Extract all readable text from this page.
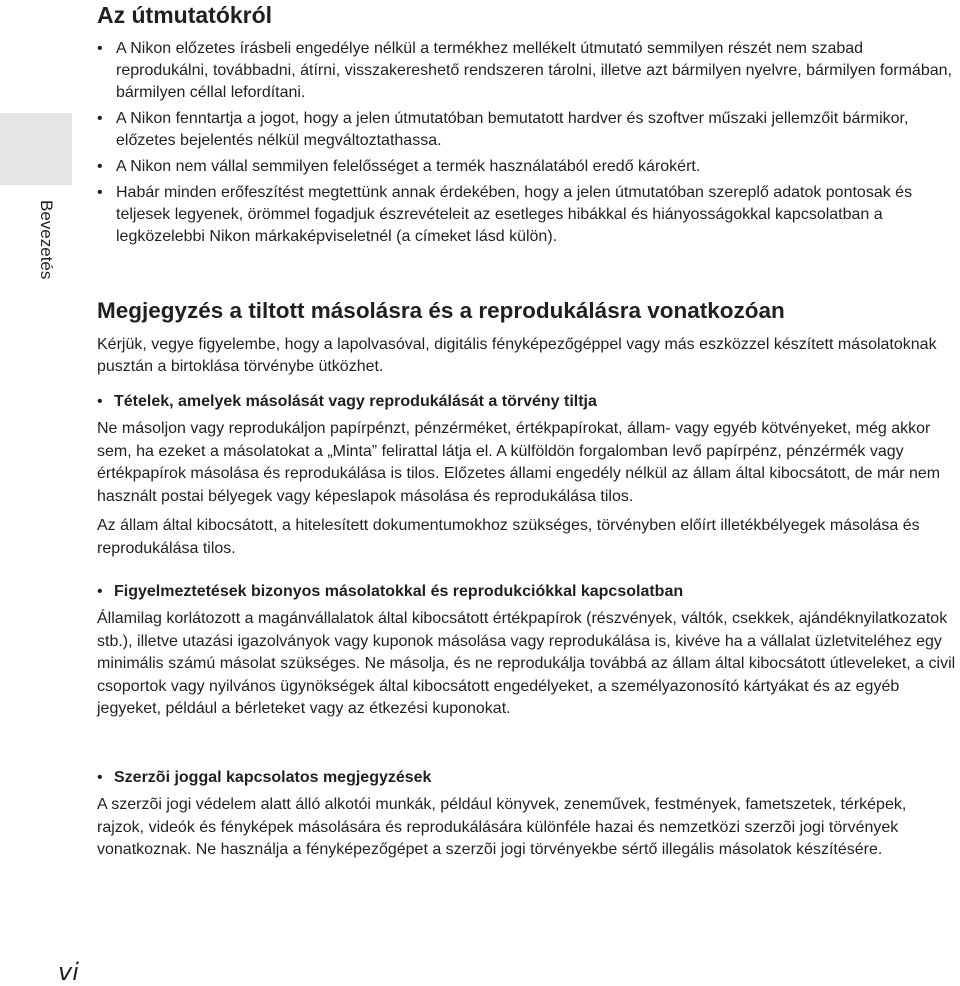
Bevezetés
Az útmutatókról
• A Nikon előzetes írásbeli engedélye nélkül a termékhez mellékelt útmutató semmilyen részét nem szabad reprodukálni, továbbadni, átírni, visszakereshető rendszeren tárolni, illetve azt bármilyen nyelvre, bármilyen formában, bármilyen céllal lefordítani.
• A Nikon fenntartja a jogot, hogy a jelen útmutatóban bemutatott hardver és szoftver műszaki jellemzőit bármikor, előzetes bejelentés nélkül megváltoztathassa.
• A Nikon nem vállal semmilyen felelősséget a termék használatából eredő károkért.
• Habár minden erőfeszítést megtettünk annak érdekében, hogy a jelen útmutatóban szereplő adatok pontosak és teljesek legyenek, örömmel fogadjuk észrevételeit az esetleges hibákkal és hiányosságokkal kapcsolatban a legközelebbi Nikon márkaképviseletnél (a címeket lásd külön).
Megjegyzés a tiltott másolásra és a reprodukálásra vonatkozóan

Kérjük, vegye figyelembe, hogy a lapolvasóval, digitális fényképezőgéppel vagy más eszközzel készített másolatoknak pusztán a birtoklása törvénybe ütközhet.

• Tételek, amelyek másolását vagy reprodukálását a törvény tiltja

Ne másoljon vagy reprodukáljon papírpénzt, pénzérméket, értékpapírokat, állam- vagy egyéb kötvényeket, még akkor sem, ha ezeket a másolatokat a „Minta” felirattal látja el. A külföldön forgalomban levő papírpénz, pénzérmék vagy értékpapírok másolása és reprodukálása is tilos. Előzetes állami engedély nélkül az állam által kibocsátott, de már nem használt postai bélyegek vagy képeslapok másolása és reprodukálása tilos.

Az állam által kibocsátott, a hitelesített dokumentumokhoz szükséges, törvényben előírt illetékbélyegek másolása és reprodukálása tilos.

• Figyelmeztetések bizonyos másolatokkal és reprodukciókkal kapcsolatban

Államilag korlátozott a magánvállalatok által kibocsátott értékpapírok (részvények, váltók, csekkek, ajándéknyilatkozatok stb.), illetve utazási igazolványok vagy kuponok másolása vagy reprodukálása is, kivéve ha a vállalat üzletviteléhez egy minimális számú másolat szükséges. Ne másolja, és ne reprodukálja továbbá az állam által kibocsátott útleveleket, a civil csoportok vagy nyilvános ügynökségek által kibocsátott engedélyeket, a személyazonosító kártyákat és az egyéb jegyeket, például a bérleteket vagy az étkezési kuponokat.

• Szerzõi joggal kapcsolatos megjegyzések

A szerzõi jogi védelem alatt álló alkotói munkák, például könyvek, zeneművek, festmények, fametszetek, térképek, rajzok, videók és fényképek másolására és reprodukálására különféle hazai és nemzetközi szerzõi jogi törvények vonatkoznak. Ne használja a fényképezőgépet a szerzõi jogi törvényekbe sértő illegális másolatok készítésére.

vi
